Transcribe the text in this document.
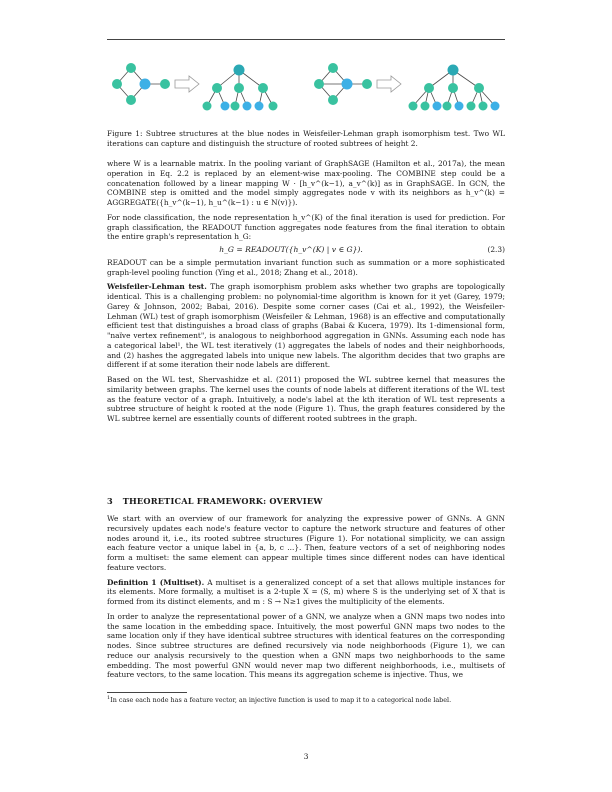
Figure 1: Subtree structures at the blue nodes in Weisfeiler-Lehman graph isomorphism test. Two WL iterations can capture and distinguish the structure of rooted subtrees of height 2.

where W is a learnable matrix. In the pooling variant of GraphSAGE (Hamilton et al., 2017a), the mean operation in Eq. 2.2 is replaced by an element-wise max-pooling. The COMBINE step could be a concatenation followed by a linear mapping W · [h_v^(k−1), a_v^(k)] as in GraphSAGE. In GCN, the COMBINE step is omitted and the model simply aggregates node v with its neighbors as h_v^(k) = AGGREGATE({h_v^(k−1), h_u^(k−1) : u ∈ N(v)}).

For node classification, the node representation h_v^(K) of the final iteration is used for prediction. For graph classification, the READOUT function aggregates node features from the final iteration to obtain the entire graph's representation h_G:

h_G = READOUT({h_v^(K) | v ∈ G}).	(2.3)

READOUT can be a simple permutation invariant function such as summation or a more sophisticated graph-level pooling function (Ying et al., 2018; Zhang et al., 2018).

Weisfeiler-Lehman test. The graph isomorphism problem asks whether two graphs are topologically identical. This is a challenging problem: no polynomial-time algorithm is known for it yet (Garey, 1979; Garey & Johnson, 2002; Babai, 2016). Despite some corner cases (Cai et al., 1992), the Weisfeiler-Lehman (WL) test of graph isomorphism (Weisfeiler & Lehman, 1968) is an effective and computationally efficient test that distinguishes a broad class of graphs (Babai & Kucera, 1979). Its 1-dimensional form, "naïve vertex refinement", is analogous to neighborhood aggregation in GNNs. Assuming each node has a categorical label¹, the WL test iteratively (1) aggregates the labels of nodes and their neighborhoods, and (2) hashes the aggregated labels into unique new labels. The algorithm decides that two graphs are different if at some iteration their node labels are different.

Based on the WL test, Shervashidze et al. (2011) proposed the WL subtree kernel that measures the similarity between graphs. The kernel uses the counts of node labels at different iterations of the WL test as the feature vector of a graph. Intuitively, a node's label at the kth iteration of WL test represents a subtree structure of height k rooted at the node (Figure 1). Thus, the graph features considered by the WL subtree kernel are essentially counts of different rooted subtrees in the graph.

3 THEORETICAL FRAMEWORK: OVERVIEW

We start with an overview of our framework for analyzing the expressive power of GNNs. A GNN recursively updates each node's feature vector to capture the network structure and features of other nodes around it, i.e., its rooted subtree structures (Figure 1). For notational simplicity, we can assign each feature vector a unique label in {a, b, c ...}. Then, feature vectors of a set of neighboring nodes form a multiset: the same element can appear multiple times since different nodes can have identical feature vectors.

Definition 1 (Multiset). A multiset is a generalized concept of a set that allows multiple instances for its elements. More formally, a multiset is a 2-tuple X = (S, m) where S is the underlying set of X that is formed from its distinct elements, and m : S → N≥1 gives the multiplicity of the elements.

In order to analyze the representational power of a GNN, we analyze when a GNN maps two nodes into the same location in the embedding space. Intuitively, the most powerful GNN maps two nodes to the same location only if they have identical subtree structures with identical features on the corresponding nodes. Since subtree structures are defined recursively via node neighborhoods (Figure 1), we can reduce our analysis recursively to the question when a GNN maps two neighborhoods to the same embedding. The most powerful GNN would never map two different neighborhoods, i.e., multisets of feature vectors, to the same location. This means its aggregation scheme is injective. Thus, we

$^1$In case each node has a feature vector, an injective function is used to map it to a categorical node label.
3
